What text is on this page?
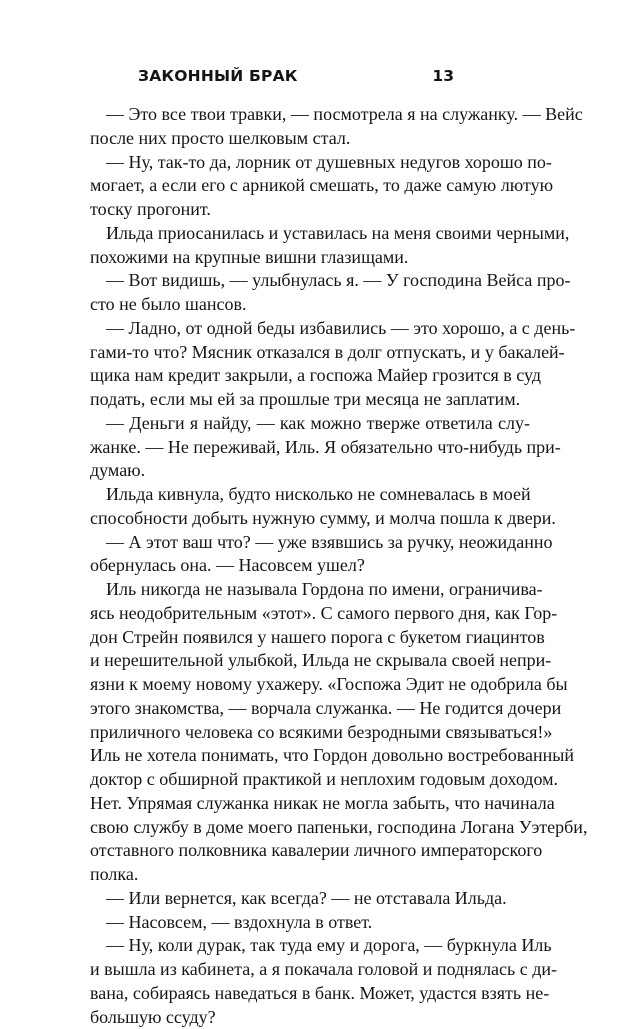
ЗАКОННЫЙ БРАК	13
— Это все твои травки, — посмотрела я на служанку. — Вейс
после них просто шелковым стал.
— Ну, так-то да, лорник от душевных недугов хорошо по-
могает, а если его с арникой смешать, то даже самую лютую
тоску прогонит.
Ильда приосанилась и уставилась на меня своими черными,
похожими на крупные вишни глазищами.
— Вот видишь, — улыбнулась я. — У господина Вейса про-
сто не было шансов.
— Ладно, от одной беды избавились — это хорошо, а с день-
гами-то что? Мясник отказался в долг отпускать, и у бакалей-
щика нам кредит закрыли, а госпожа Майер грозится в суд
подать, если мы ей за прошлые три месяца не заплатим.
— Деньги я найду, — как можно тверже ответила слу-
жанке. — Не переживай, Иль. Я обязательно что-нибудь при-
думаю.
Ильда кивнула, будто нисколько не сомневалась в моей
способности добыть нужную сумму, и молча пошла к двери.
— А этот ваш что? — уже взявшись за ручку, неожиданно
обернулась она. — Насовсем ушел?
Иль никогда не называла Гордона по имени, ограничива-
ясь неодобрительным «этот». С самого первого дня, как Гор-
дон Стрейн появился у нашего порога с букетом гиацинтов
и нерешительной улыбкой, Ильда не скрывала своей непри-
язни к моему новому ухажеру. «Госпожа Эдит не одобрила бы
этого знакомства, — ворчала служанка. — Не годится дочери
приличного человека со всякими безродными связываться!»
Иль не хотела понимать, что Гордон довольно востребованный
доктор с обширной практикой и неплохим годовым доходом.
Нет. Упрямая служанка никак не могла забыть, что начинала
свою службу в доме моего папеньки, господина Логана Уэтерби,
отставного полковника кавалерии личного императорского
полка.
— Или вернется, как всегда? — не отставала Ильда.
— Насовсем, — вздохнула в ответ.
— Ну, коли дурак, так туда ему и дорога, — буркнула Иль
и вышла из кабинета, а я покачала головой и поднялась с ди-
вана, собираясь наведаться в банк. Может, удастся взять не-
большую ссуду?
